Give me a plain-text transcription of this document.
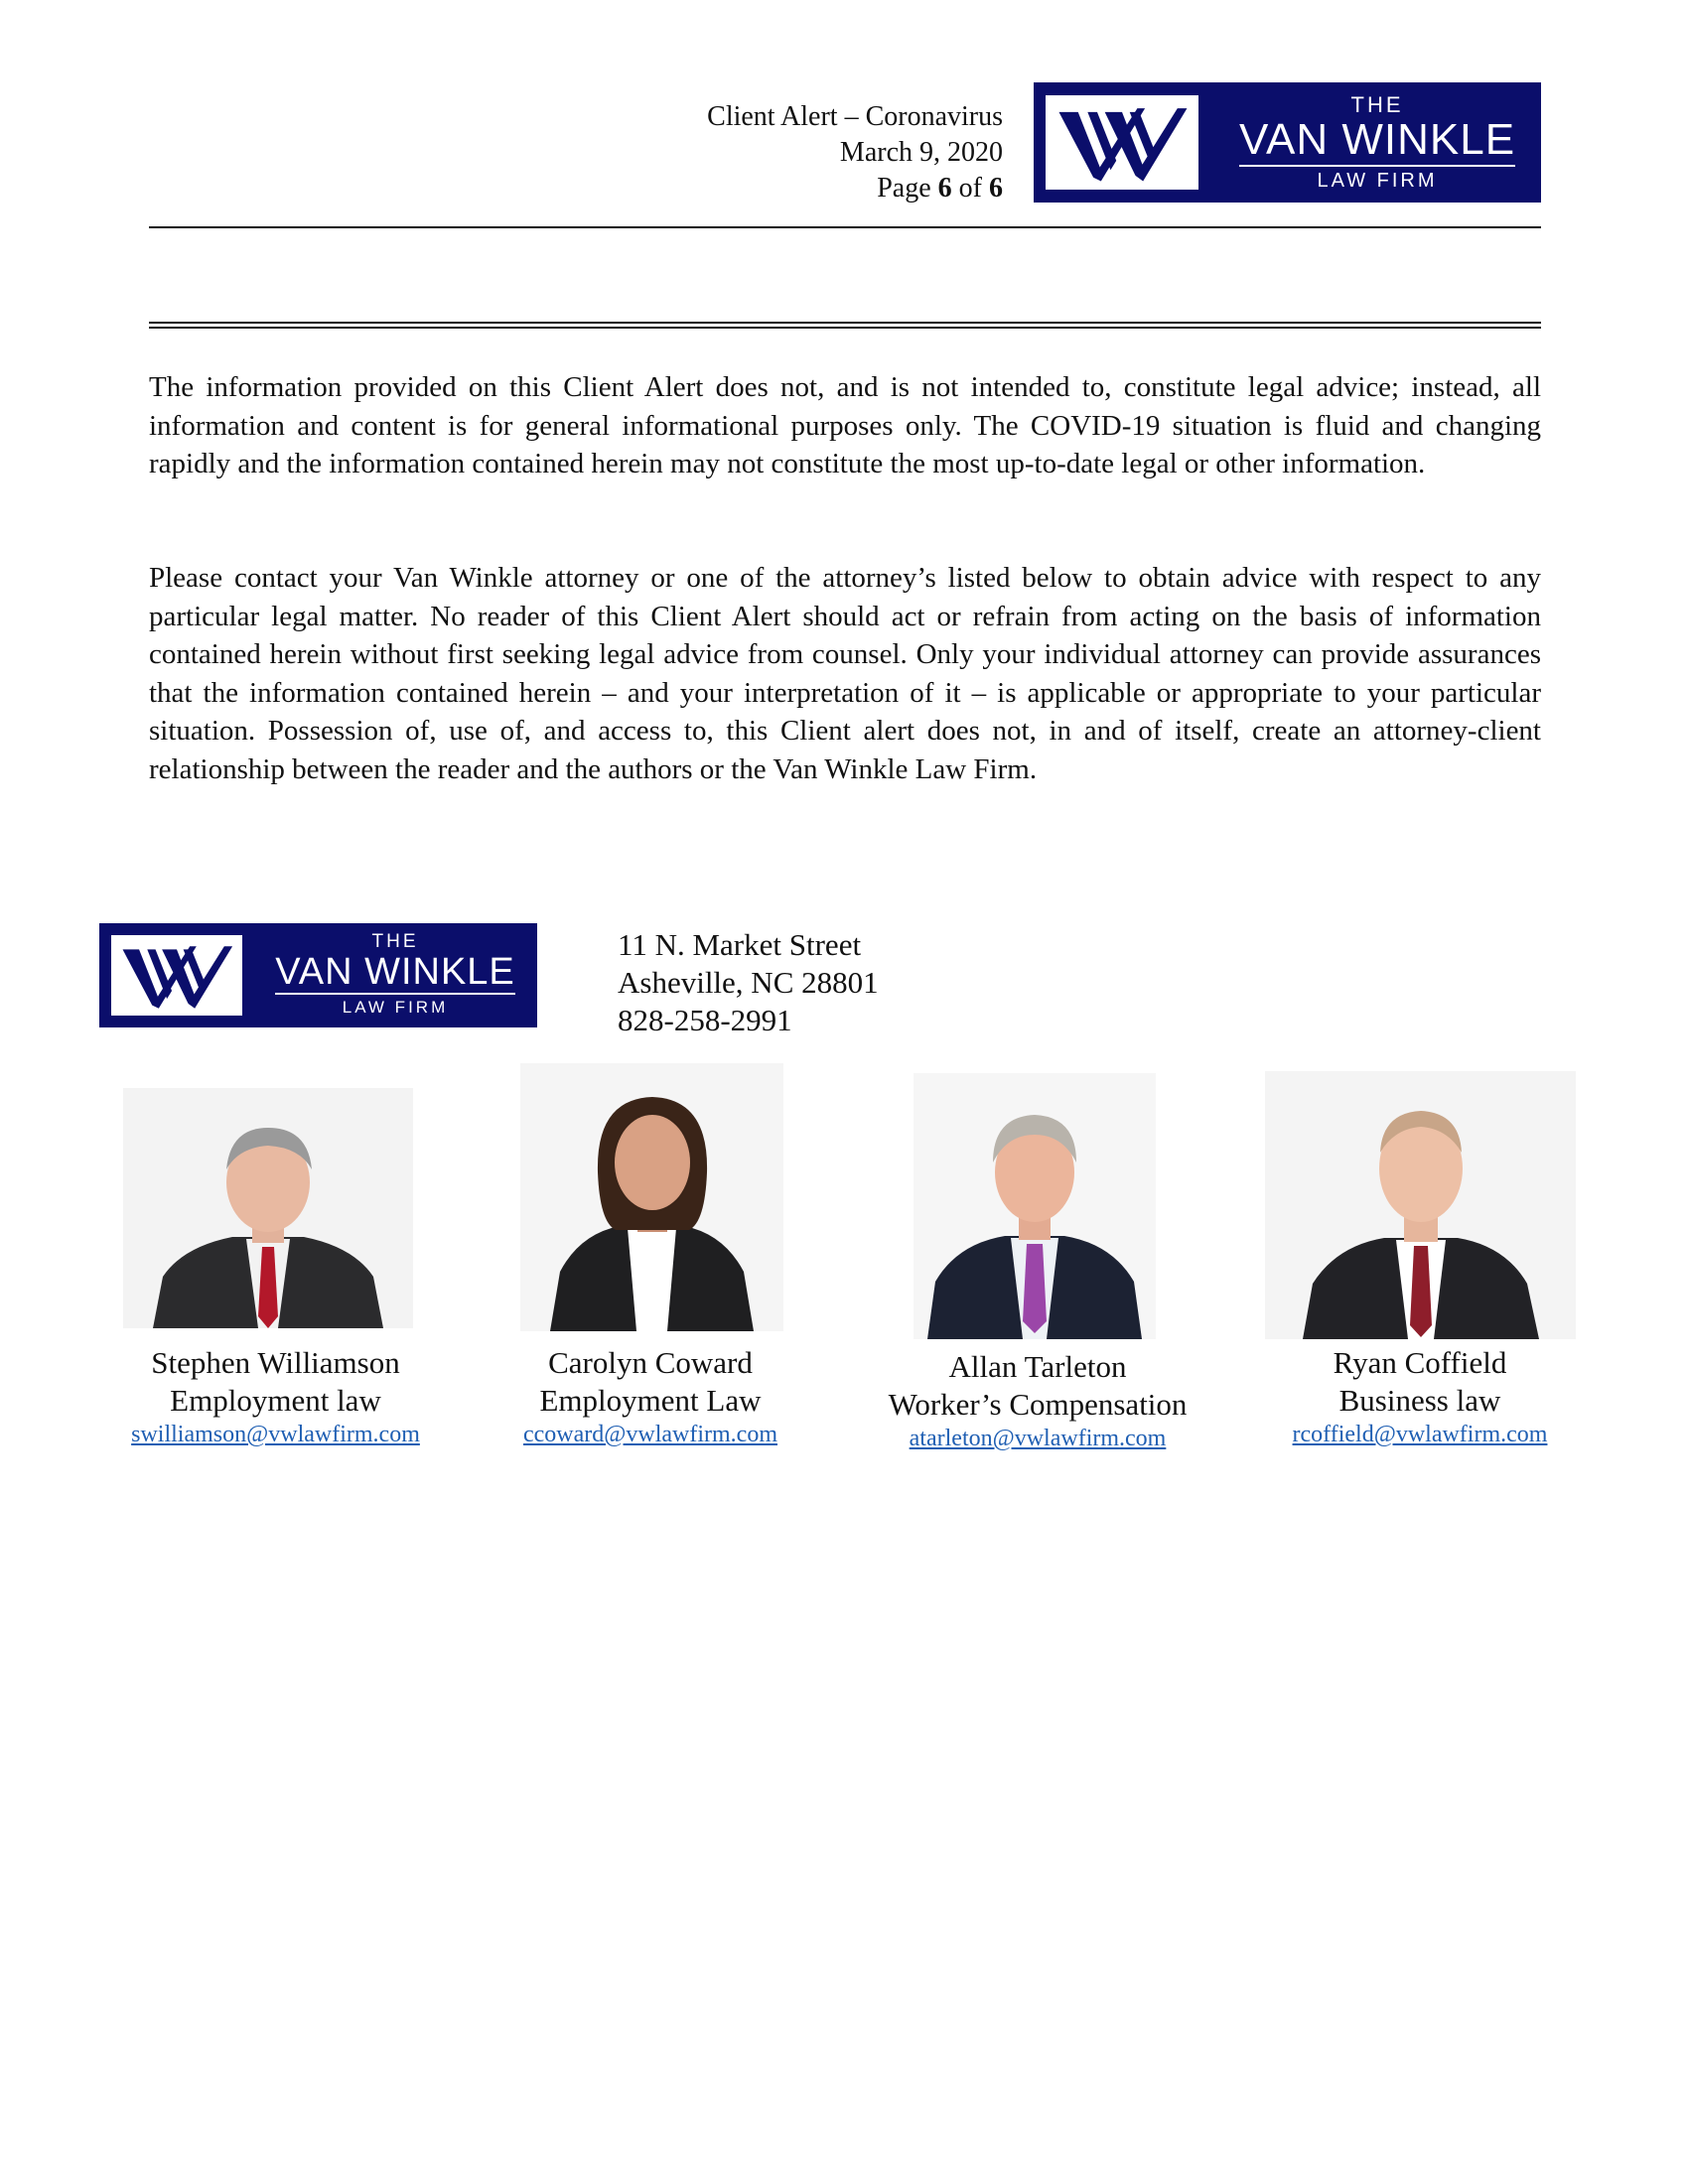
Client Alert – Coronavirus
March 9, 2020
Page 6 of 6
THE
VAN WINKLE
LAW FIRM

The information provided on this Client Alert does not, and is not intended to, constitute legal advice; instead, all information and content is for general informational purposes only. The COVID-19 situation is fluid and changing rapidly and the information contained herein may not constitute the most up-to-date legal or other information.

Please contact your Van Winkle attorney or one of the attorney’s listed below to obtain advice with respect to any particular legal matter. No reader of this Client Alert should act or refrain from acting on the basis of information contained herein without first seeking legal advice from counsel. Only your individual attorney can provide assurances that the information contained herein – and your interpretation of it – is applicable or appropriate to your particular situation. Possession of, use of, and access to, this Client alert does not, in and of itself, create an attorney-client relationship between the reader and the authors or the Van Winkle Law Firm.

THE
VAN WINKLE
LAW FIRM
11 N. Market Street
Asheville, NC 28801
828-258-2991
Stephen Williamson
Employment law
swilliamson@vwlawfirm.com
Carolyn Coward
Employment Law
ccoward@vwlawfirm.com
Allan Tarleton
Worker’s Compensation
atarleton@vwlawfirm.com
Ryan Coffield
Business law
rcoffield@vwlawfirm.com
